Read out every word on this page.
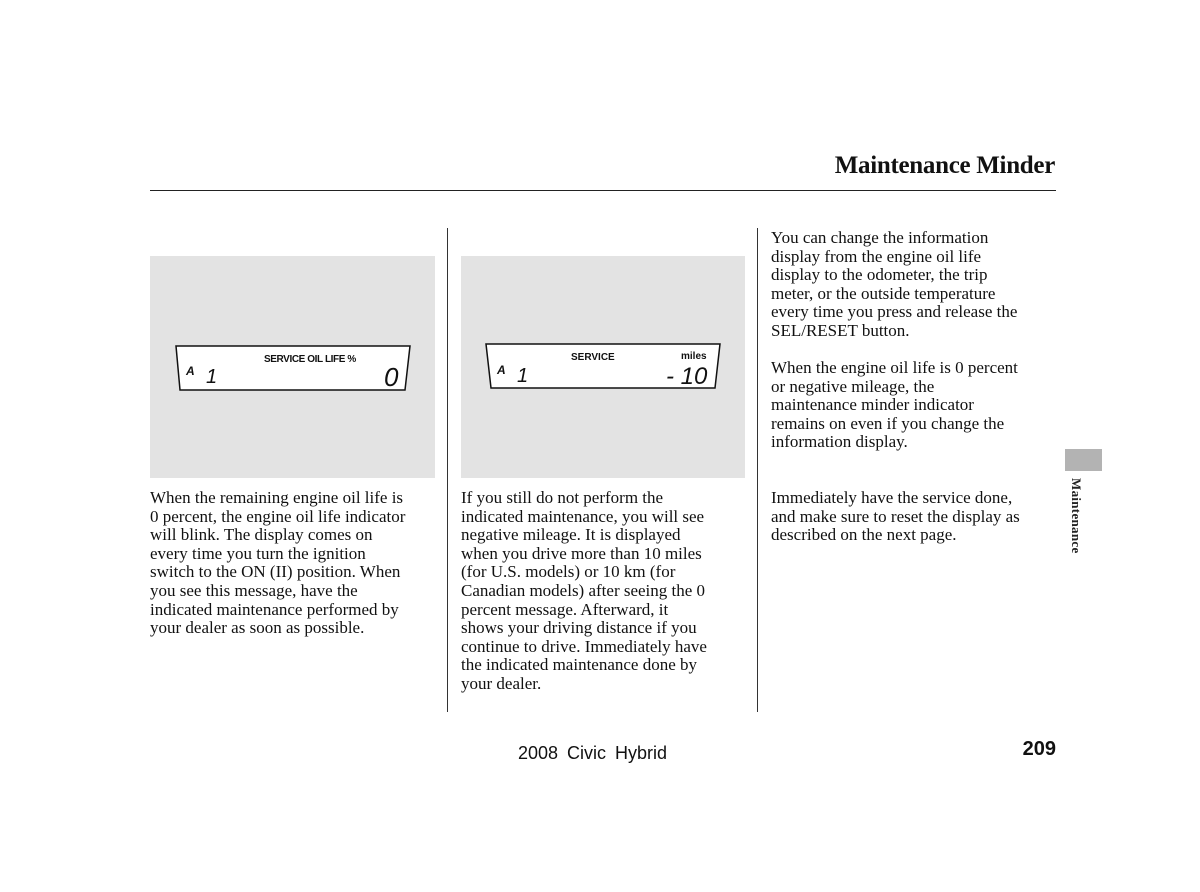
Maintenance Minder
A 1
SERVICE OIL LIFE %
0	A 1
SERVICE	miles
- 10
When the remaining engine oil life is
0 percent, the engine oil life indicator
will blink. The display comes on
every time you turn the ignition
switch to the ON (II) position. When
you see this message, have the
indicated maintenance performed by
your dealer as soon as possible.
If you still do not perform the
indicated maintenance, you will see
negative mileage. It is displayed
when you drive more than 10 miles
(for U.S. models) or 10 km (for
Canadian models) after seeing the 0
percent message. Afterward, it
shows your driving distance if you
continue to drive. Immediately have
the indicated maintenance done by
your dealer.
You can change the information
display from the engine oil life
display to the odometer, the trip
meter, or the outside temperature
every time you press and release the
SEL/RESET button.
When the engine oil life is 0 percent
or negative mileage, the
maintenance minder indicator
remains on even if you change the
information display.
Immediately have the service done,
and make sure to reset the display as
described on the next page.	Maintenance
2008 Civic Hybrid	209
